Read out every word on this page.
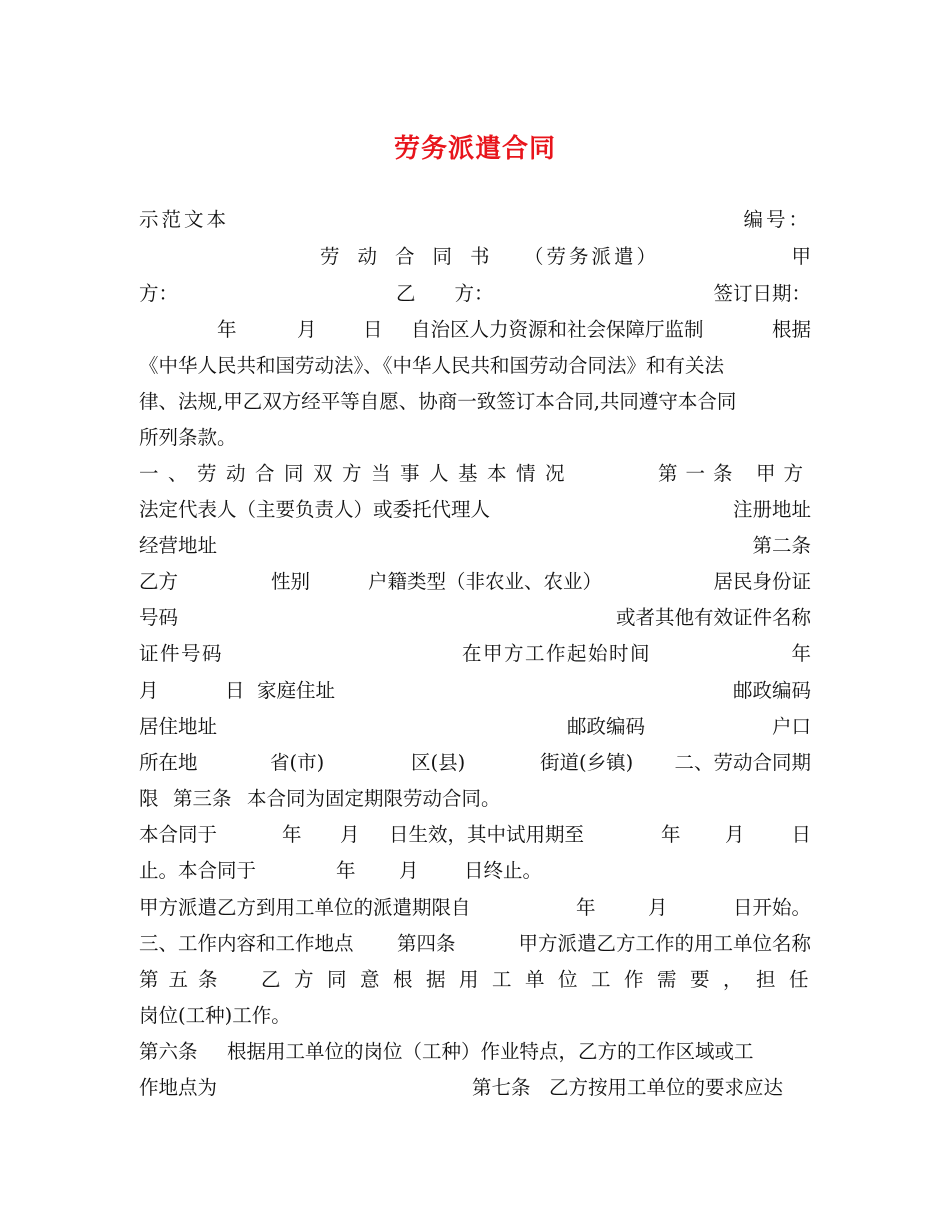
劳务派遣合同

示范文本

	编号：

劳动合同书

（劳务派遣）

	甲

方：

	乙　　方：

	签订日期：

年

	月

日

自治区人力资源和社会保障厅监制

	根据

《中华人民共和国劳动法》、《中华人民共和国劳动合同法》和有关法

律、法规,甲乙双方经平等自愿、协商一致签订本合同,共同遵守本合同

所列条款。

一、劳动合同双方当事人基本情况

	第一条

甲方

法定代表人（主要负责人）或委托代理人

	注册地址

经营地址

	第二条

乙方

	性别

	户籍类型（非农业、农业）

	居民身份证

号码

	或者其他有效证件名称

证件号码

	在甲方工作起始时间

	年

月

	日

家庭住址

	邮政编码

居住地址

	邮政编码

	户口

所在地

	省(市)

	区(县)

	街道(乡镇)

二、劳动合同期

限

第三条

本合同为固定期限劳动合同。

本合同于

	年

月

日生效，其中试用期至

	年

月

日

止。本合同于

	年

月

日终止。

甲方派遣乙方到用工单位的派遣期限自

	年

	月

	日开始。

三、工作内容和工作地点

第四条

	甲方派遣乙方工作的用工单位名称

第五条

乙方同意根据用工单位工作需要，担任

岗位(工种)工作。

第六条

根据用工单位的岗位（工种）作业特点，乙方的工作区域或工

作地点为

	第七条

乙方按用工单位的要求应达
